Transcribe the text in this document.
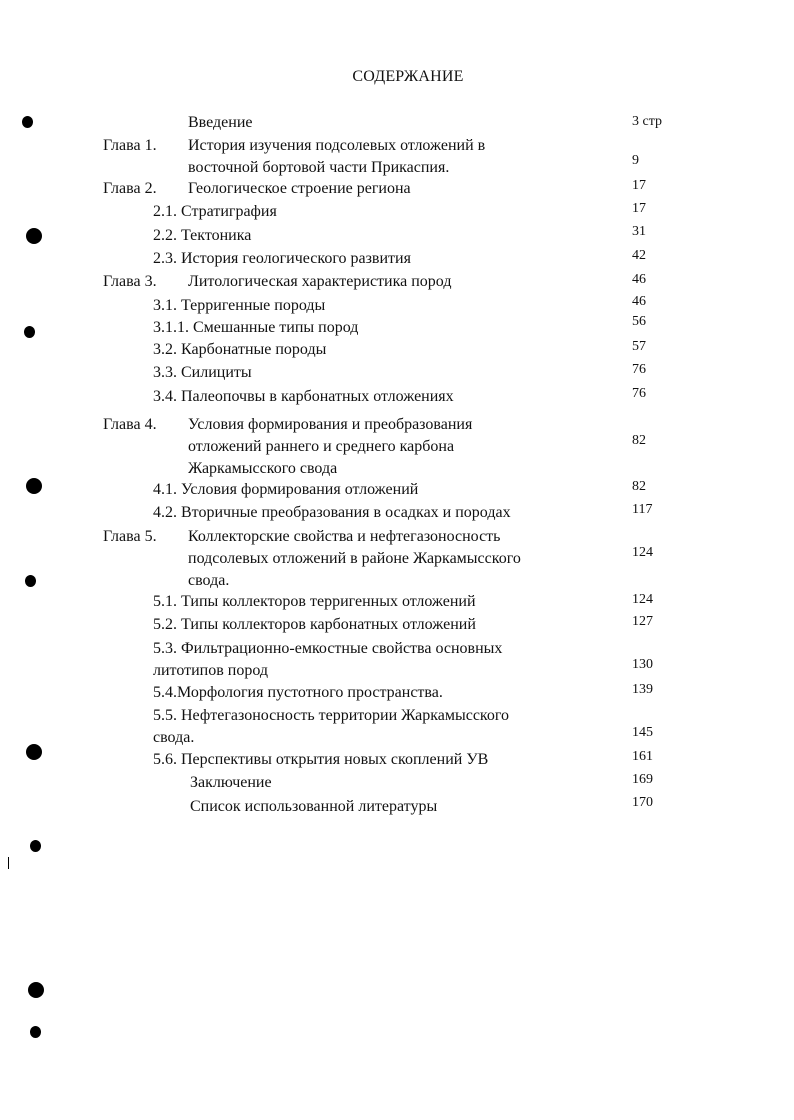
СОДЕРЖАНИЕ
Введение	3 стр
Глава 1. История изучения подсолевых отложений в
восточной бортовой части Прикаспия.	9
Глава 2. Геологическое строение региона	17
2.1. Стратиграфия	17
2.2. Тектоника	31
2.3. История геологического развития	42
Глава 3. Литологическая характеристика пород	46
3.1. Терригенные породы	46
3.1.1. Смешанные типы пород	56
3.2. Карбонатные породы	57
3.3. Силициты	76
3.4. Палеопочвы в карбонатных отложениях	76
Глава 4. Условия формирования и преобразования
отложений раннего и среднего карбона
Жаркамысского свода
82
4.1. Условия формирования отложений	82
4.2. Вторичные преобразования в осадках и породах	117
Глава 5. Коллекторские свойства и нефтегазоносность
подсолевых отложений в районе Жаркамысского
свода.
124
5.1. Типы коллекторов терригенных отложений	124
5.2. Типы коллекторов карбонатных отложений	127
5.3. Фильтрационно-емкостные свойства основных
литотипов пород	130
5.4.Морфология пустотного пространства.	139
5.5. Нефтегазоносность территории Жаркамысского
свода.	145
5.6. Перспективы открытия новых скоплений УВ	161
Заключение	169
Список использованной литературы	170
